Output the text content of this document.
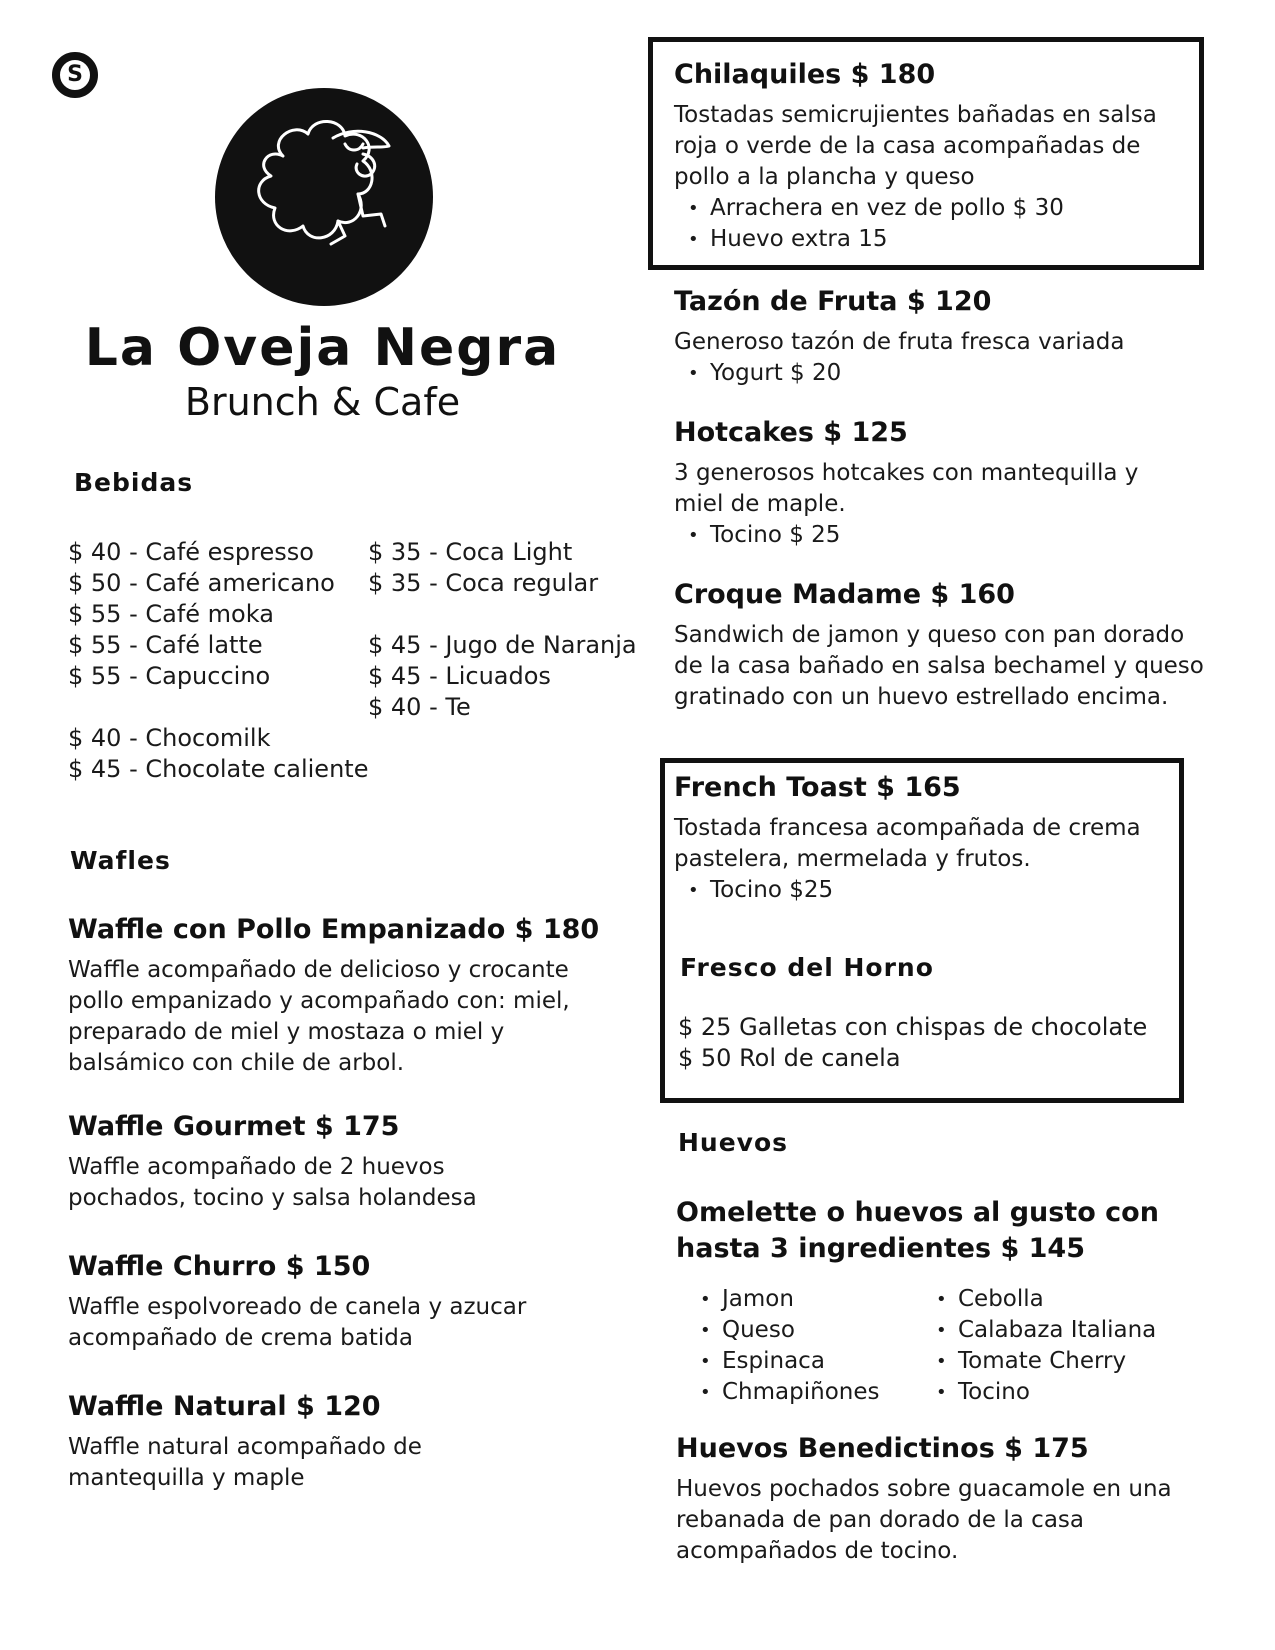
S
La Oveja Negra
Brunch & Cafe
Bebidas

$ 40 - Café espresso

$ 50 - Café americano

$ 55 - Café moka

$ 55 - Café latte

$ 55 - Capuccino

$ 35 - Coca Light

$ 35 - Coca regular

$ 45 - Jugo de Naranja

$ 45 - Licuados

$ 40 - Te

$ 40 - Chocomilk

$ 45 - Chocolate caliente

Wafles

Waffle con Pollo Empanizado $ 180

Waffle acompañado de delicioso y crocante pollo empanizado y acompañado con: miel, preparado de miel y mostaza o miel y balsámico con chile de arbol.

Waffle Gourmet $ 175

Waffle acompañado de 2 huevos pochados, tocino y salsa holandesa

Waffle Churro $ 150

Waffle espolvoreado de canela y azucar acompañado de crema batida

Waffle Natural $ 120

Waffle natural acompañado de mantequilla y maple

Chilaquiles $ 180

Tostadas semicrujientes bañadas en salsa roja o verde de la casa acompañadas de pollo a la plancha y queso

• Arrachera en vez de pollo $ 30
• Huevo extra 15

Tazón de Fruta $ 120

Generoso tazón de fruta fresca variada

• Yogurt $ 20

Hotcakes $ 125

3 generosos hotcakes con mantequilla y miel de maple.

• Tocino $ 25

Croque Madame $ 160

Sandwich de jamon y queso con pan dorado de la casa bañado en salsa bechamel y queso gratinado con un huevo estrellado encima.

French Toast $ 165

Tostada francesa acompañada de crema pastelera, mermelada y frutos.

• Tocino $25
Fresco del Horno

$ 25 Galletas con chispas de chocolate

$ 50 Rol de canela

Huevos

Omelette o huevos al gusto con hasta 3 ingredientes $ 145

• Jamon
• Queso
• Espinaca
• Chmapiñones
• Cebolla
• Calabaza Italiana
• Tomate Cherry
• Tocino

Huevos Benedictinos $ 175

Huevos pochados sobre guacamole en una rebanada de pan dorado de la casa acompañados de tocino.
